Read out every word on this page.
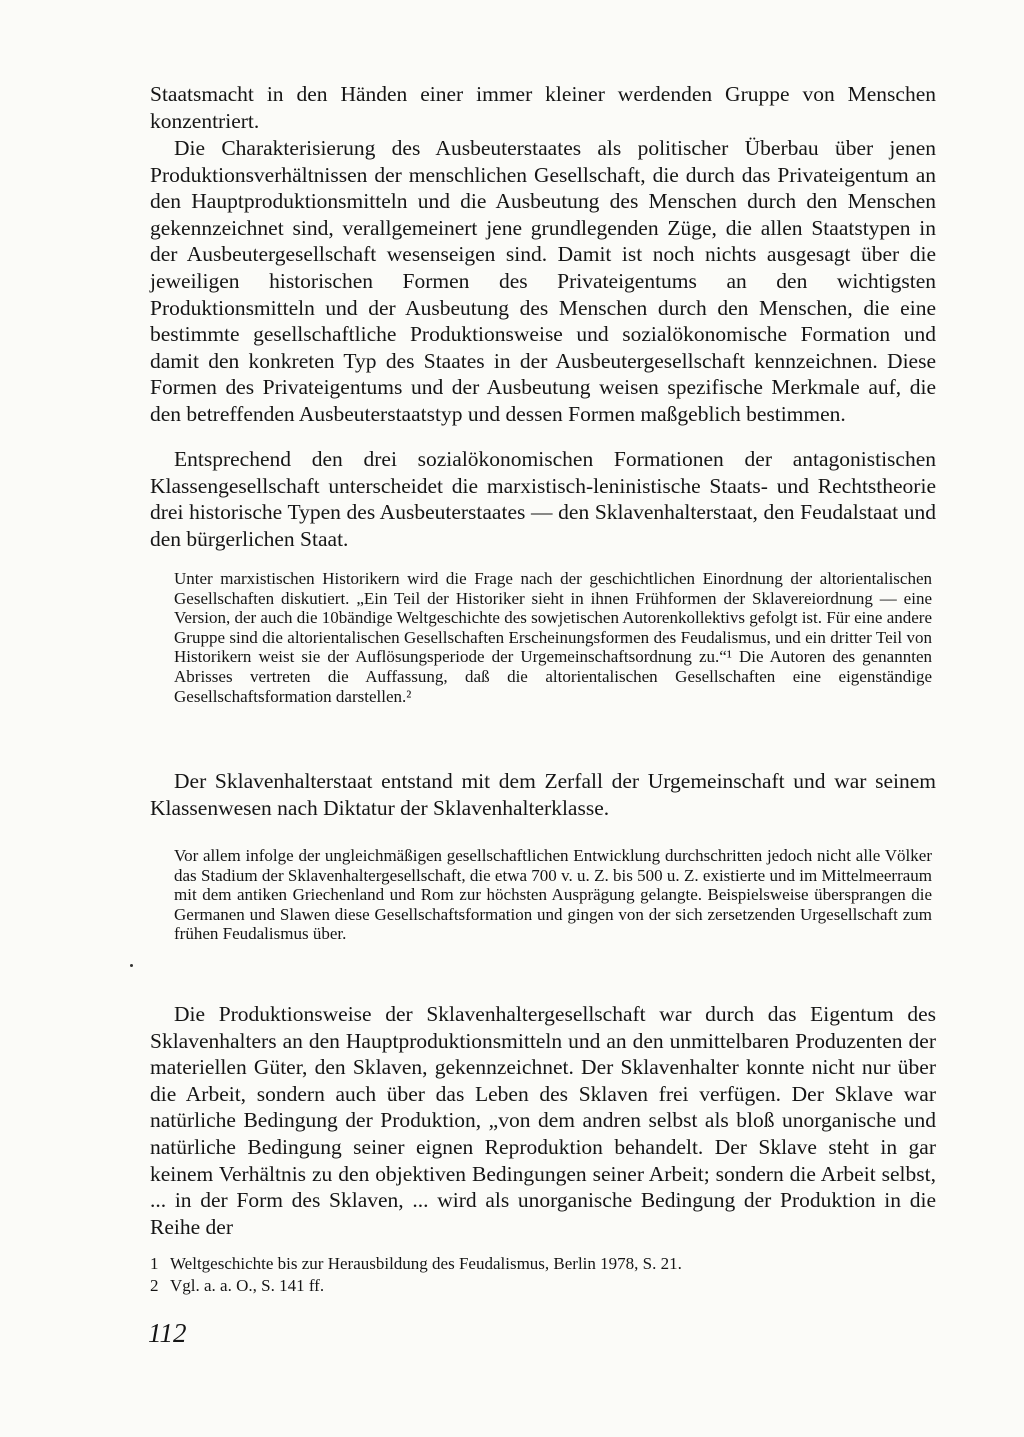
Staatsmacht in den Händen einer immer kleiner werdenden Gruppe von Menschen konzentriert.

Die Charakterisierung des Ausbeuterstaates als politischer Überbau über jenen Produktionsverhältnissen der menschlichen Gesellschaft, die durch das Privateigentum an den Hauptproduktionsmitteln und die Ausbeutung des Menschen durch den Menschen gekennzeichnet sind, verallgemeinert jene grundlegenden Züge, die allen Staatstypen in der Ausbeutergesellschaft wesenseigen sind. Damit ist noch nichts ausgesagt über die jeweiligen historischen Formen des Privateigentums an den wichtigsten Produktionsmitteln und der Ausbeutung des Menschen durch den Menschen, die eine bestimmte gesellschaftliche Produktionsweise und sozialökonomische Formation und damit den konkreten Typ des Staates in der Ausbeutergesellschaft kennzeichnen. Diese Formen des Privateigentums und der Ausbeutung weisen spezifische Merkmale auf, die den betreffenden Ausbeuterstaatstyp und dessen Formen maßgeblich bestimmen.

Entsprechend den drei sozialökonomischen Formationen der antagonistischen Klassengesellschaft unterscheidet die marxistisch-leninistische Staats- und Rechtstheorie drei historische Typen des Ausbeuterstaates — den Sklavenhalterstaat, den Feudalstaat und den bürgerlichen Staat.

Unter marxistischen Historikern wird die Frage nach der geschichtlichen Einordnung der altorientalischen Gesellschaften diskutiert. „Ein Teil der Historiker sieht in ihnen Frühformen der Sklavereiordnung — eine Version, der auch die 10bändige Weltgeschichte des sowjetischen Autorenkollektivs gefolgt ist. Für eine andere Gruppe sind die altorientalischen Gesellschaften Erscheinungsformen des Feudalismus, und ein dritter Teil von Historikern weist sie der Auflösungsperiode der Urgemeinschaftsordnung zu.“¹ Die Autoren des genannten Abrisses vertreten die Auffassung, daß die altorientalischen Gesellschaften eine eigenständige Gesellschaftsformation darstellen.²

Der Sklavenhalterstaat entstand mit dem Zerfall der Urgemeinschaft und war seinem Klassenwesen nach Diktatur der Sklavenhalterklasse.

Vor allem infolge der ungleichmäßigen gesellschaftlichen Entwicklung durchschritten jedoch nicht alle Völker das Stadium der Sklavenhaltergesellschaft, die etwa 700 v. u. Z. bis 500 u. Z. existierte und im Mittelmeerraum mit dem antiken Griechenland und Rom zur höchsten Ausprägung gelangte. Beispielsweise übersprangen die Germanen und Slawen diese Gesellschaftsformation und gingen von der sich zersetzenden Urgesellschaft zum frühen Feudalismus über.

Die Produktionsweise der Sklavenhaltergesellschaft war durch das Eigentum des Sklavenhalters an den Hauptproduktionsmitteln und an den unmittelbaren Produzenten der materiellen Güter, den Sklaven, gekennzeichnet. Der Sklavenhalter konnte nicht nur über die Arbeit, sondern auch über das Leben des Sklaven frei verfügen. Der Sklave war natürliche Bedingung der Produktion, „von dem andren selbst als bloß unorganische und natürliche Bedingung seiner eignen Reproduktion behandelt. Der Sklave steht in gar keinem Verhältnis zu den objektiven Bedingungen seiner Arbeit; sondern die Arbeit selbst, ... in der Form des Sklaven, ... wird als unorganische Bedingung der Produktion in die Reihe der

1 Weltgeschichte bis zur Herausbildung des Feudalismus, Berlin 1978, S. 21.

2 Vgl. a. a. O., S. 141 ff.

112
